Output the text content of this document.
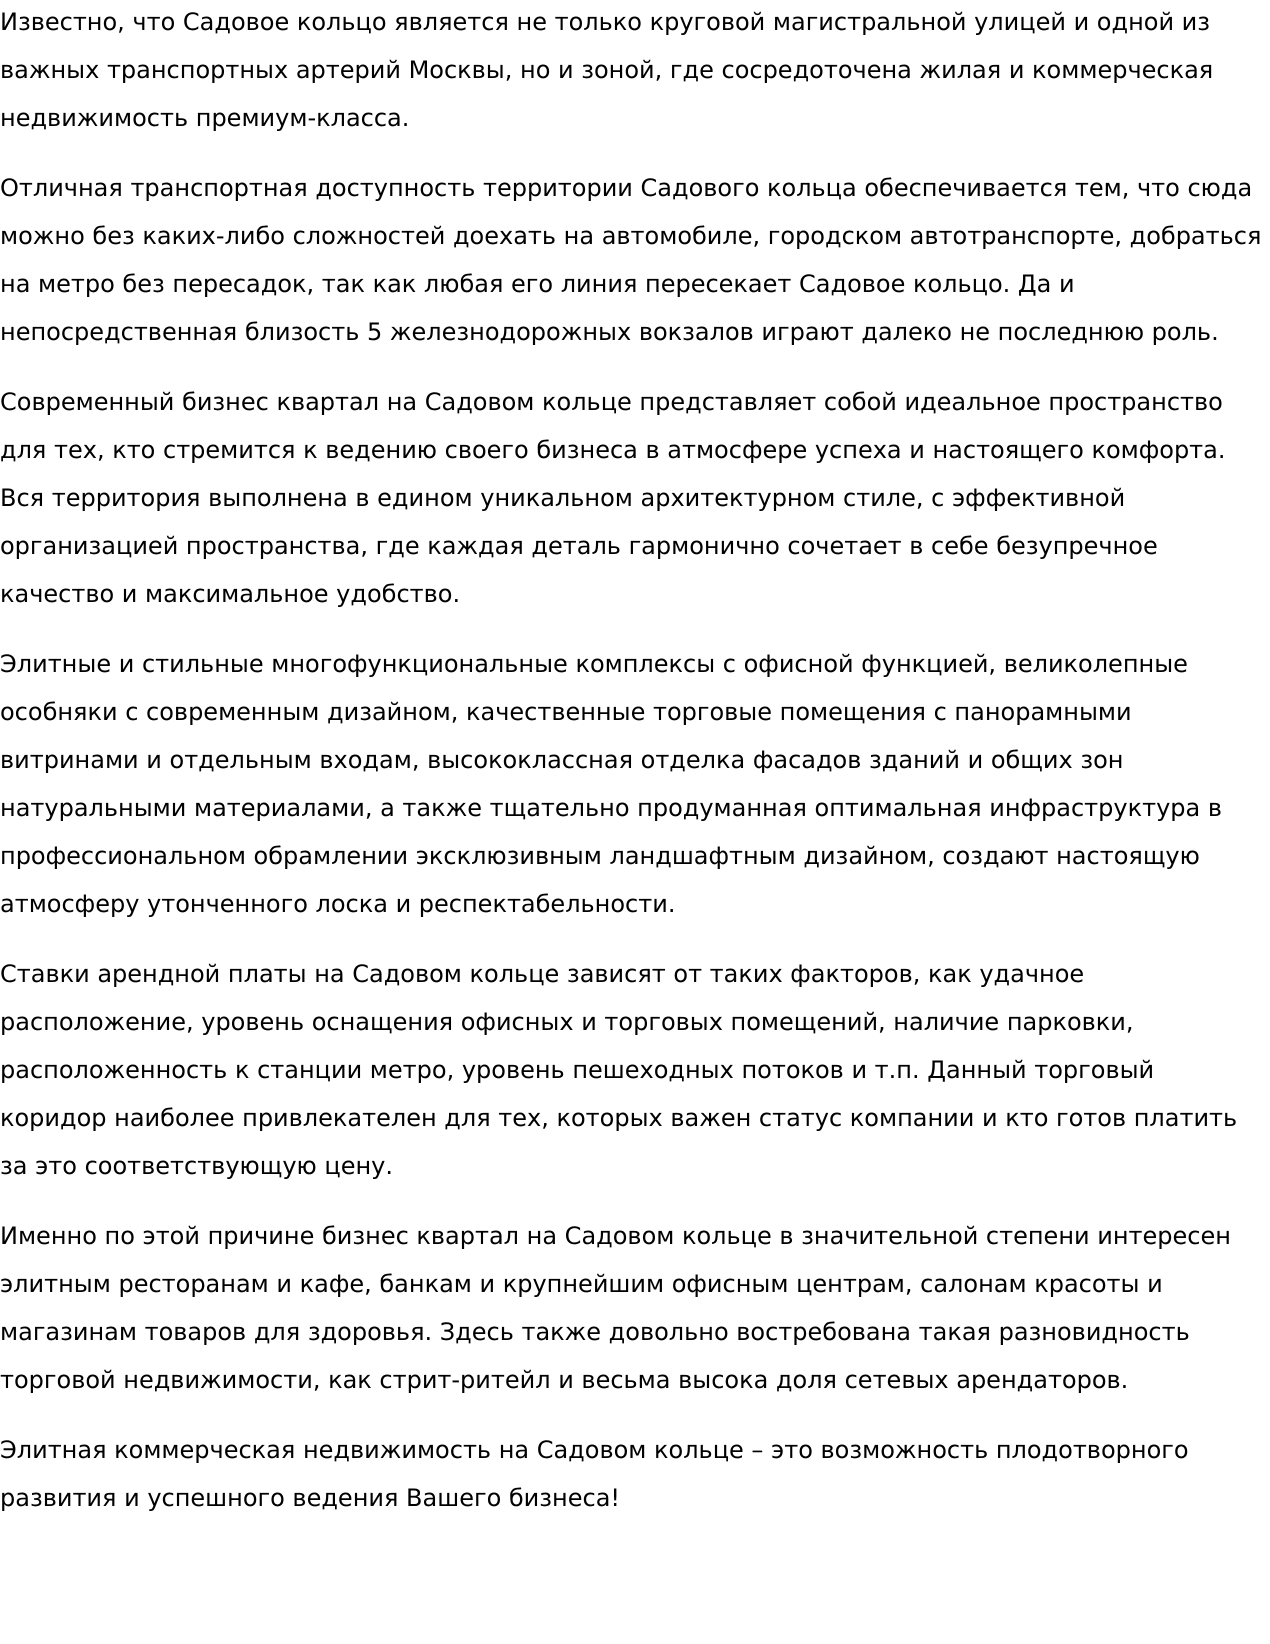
Известно, что Садовое кольцо является не только круговой магистральной улицей и одной из важных транспортных артерий Москвы, но и зоной, где сосредоточена жилая и коммерческая недвижимость премиум-класса.

Отличная транспортная доступность территории Садового кольца обеспечивается тем, что сюда можно без каких-либо сложностей доехать на автомобиле, городском автотранспорте, добраться на метро без пересадок, так как любая его линия пересекает Садовое кольцо. Да и непосредственная близость 5 железнодорожных вокзалов играют далеко не последнюю роль.

Современный бизнес квартал на Садовом кольце представляет собой идеальное пространство для тех, кто стремится к ведению своего бизнеса в атмосфере успеха и настоящего комфорта. Вся территория выполнена в едином уникальном архитектурном стиле, с эффективной организацией пространства, где каждая деталь гармонично сочетает в себе безупречное качество и максимальное удобство.

Элитные и стильные многофункциональные комплексы с офисной функцией, великолепные особняки с современным дизайном, качественные торговые помещения с панорамными витринами и отдельным входам, высококлассная отделка фасадов зданий и общих зон натуральными материалами, а также тщательно продуманная оптимальная инфраструктура в профессиональном обрамлении эксклюзивным ландшафтным дизайном, создают настоящую атмосферу утонченного лоска и респектабельности.

Ставки арендной платы на Садовом кольце зависят от таких факторов, как удачное расположение, уровень оснащения офисных и торговых помещений, наличие парковки, расположенность к станции метро, уровень пешеходных потоков и т.п. Данный торговый коридор наиболее привлекателен для тех, которых важен статус компании и кто готов платить за это соответствующую цену.

Именно по этой причине бизнес квартал на Садовом кольце в значительной степени интересен элитным ресторанам и кафе, банкам и крупнейшим офисным центрам, салонам красоты и магазинам товаров для здоровья. Здесь также довольно востребована такая разновидность торговой недвижимости, как стрит-ритейл и весьма высока доля сетевых арендаторов.

Элитная коммерческая недвижимость на Садовом кольце – это возможность плодотворного развития и успешного ведения Вашего бизнеса!
